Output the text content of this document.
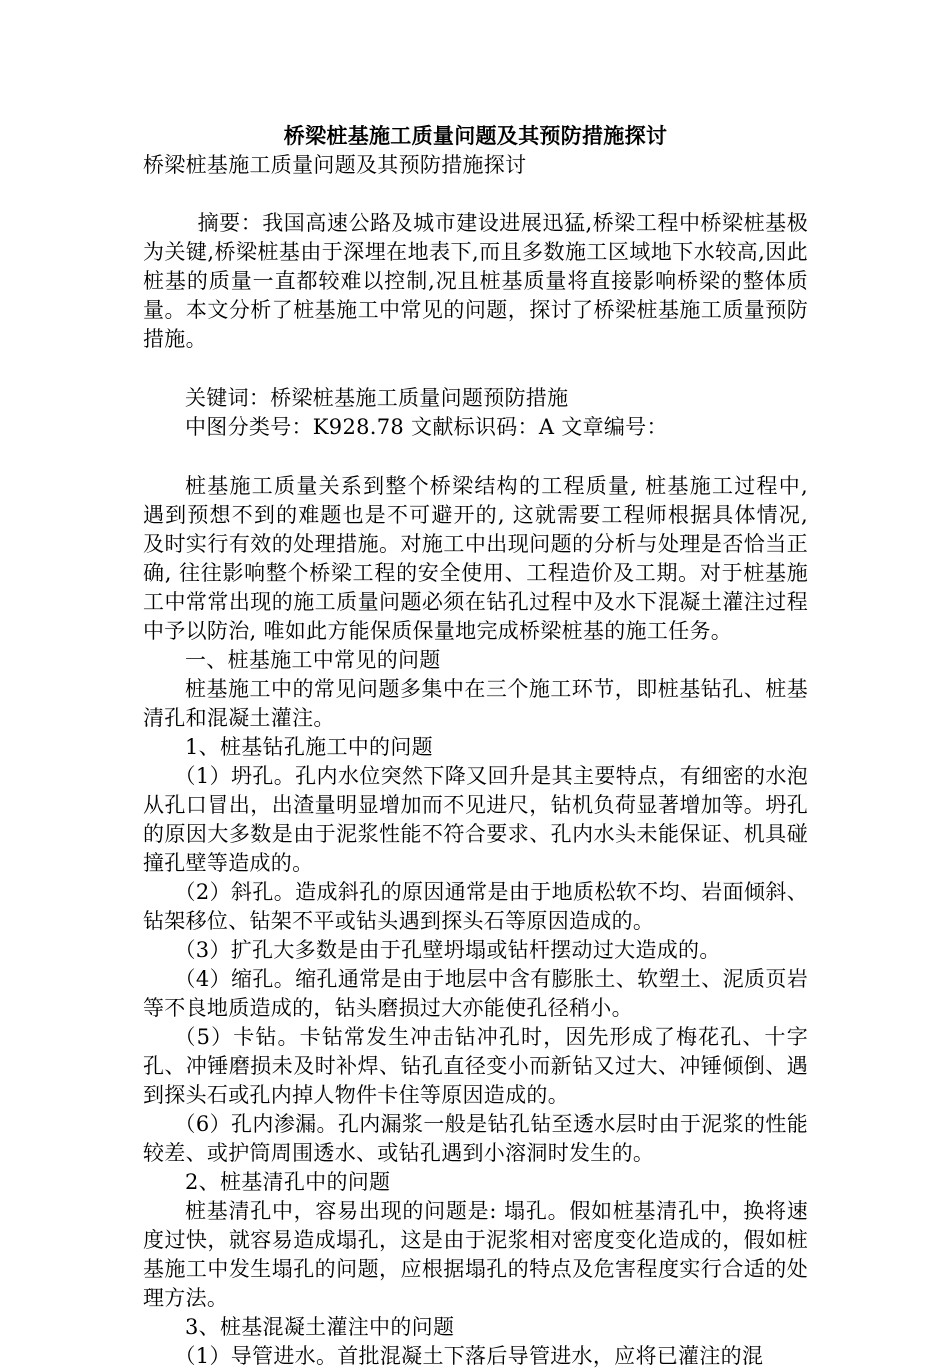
桥梁桩基施工质量问题及其预防措施探讨

桥梁桩基施工质量问题及其预防措施探讨

摘要：我国高速公路及城市建设进展迅猛,桥梁工程中桥梁桩基极为关键,桥梁桩基由于深埋在地表下,而且多数施工区域地下水较高,因此桩基的质量一直都较难以控制,况且桩基质量将直接影响桥梁的整体质量。本文分析了桩基施工中常见的问题，探讨了桥梁桩基施工质量预防措施。

关键词：桥梁桩基施工质量问题预防措施

中图分类号：K928.78 文献标识码：A 文章编号：

桩基施工质量关系到整个桥梁结构的工程质量, 桩基施工过程中, 遇到预想不到的难题也是不可避开的, 这就需要工程师根据具体情况, 及时实行有效的处理措施。对施工中出现问题的分析与处理是否恰当正确, 往往影响整个桥梁工程的安全使用、工程造价及工期。对于桩基施工中常常出现的施工质量问题必须在钻孔过程中及水下混凝土灌注过程中予以防治, 唯如此方能保质保量地完成桥梁桩基的施工任务。

一、桩基施工中常见的问题

桩基施工中的常见问题多集中在三个施工环节，即桩基钻孔、桩基清孔和混凝土灌注。

1、桩基钻孔施工中的问题

（1）坍孔。孔内水位突然下降又回升是其主要特点，有细密的水泡从孔口冒出，出渣量明显增加而不见进尺，钻机负荷显著增加等。坍孔的原因大多数是由于泥浆性能不符合要求、孔内水头未能保证、机具碰撞孔壁等造成的。

（2）斜孔。造成斜孔的原因通常是由于地质松软不均、岩面倾斜、钻架移位、钻架不平或钻头遇到探头石等原因造成的。

（3）扩孔大多数是由于孔壁坍塌或钻杆摆动过大造成的。

（4）缩孔。缩孔通常是由于地层中含有膨胀土、软塑土、泥质页岩等不良地质造成的，钻头磨损过大亦能使孔径稍小。

（5）卡钻。卡钻常发生冲击钻冲孔时，因先形成了梅花孔、十字孔、冲锤磨损未及时补焊、钻孔直径变小而新钻又过大、冲锤倾倒、遇到探头石或孔内掉人物件卡住等原因造成的。

（6）孔内渗漏。孔内漏浆一般是钻孔钻至透水层时由于泥浆的性能较差、或护筒周围透水、或钻孔遇到小溶洞时发生的。

2、桩基清孔中的问题

桩基清孔中，容易出现的问题是: 塌孔。假如桩基清孔中，换将速度过快，就容易造成塌孔，这是由于泥浆相对密度变化造成的，假如桩基施工中发生塌孔的问题，应根据塌孔的特点及危害程度实行合适的处理方法。

3、桩基混凝土灌注中的问题

（1）导管进水。首批混凝土下落后导管进水，应将已灌注的混
